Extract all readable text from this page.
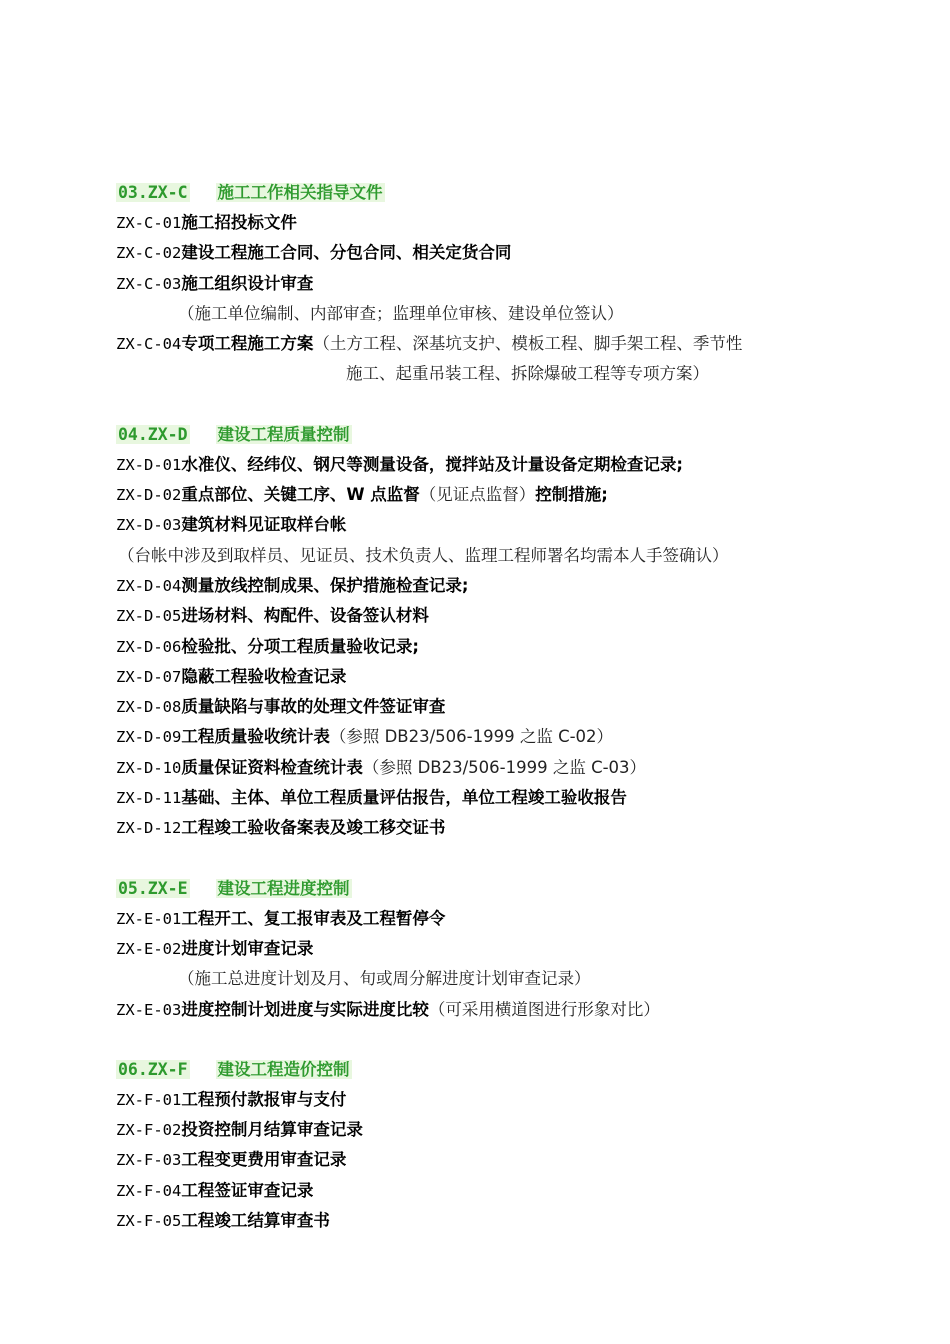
03.ZX-C 施工工作相关指导文件
ZX-C-01施工招投标文件
ZX-C-02建设工程施工合同、分包合同、相关定货合同
ZX-C-03施工组织设计审查
（施工单位编制、内部审查；监理单位审核、建设单位签认）
ZX-C-04专项工程施工方案（土方工程、深基坑支护、模板工程、脚手架工程、季节性
施工、起重吊装工程、拆除爆破工程等专项方案）
04.ZX-D 建设工程质量控制
ZX-D-01水准仪、经纬仪、钢尺等测量设备，搅拌站及计量设备定期检查记录;
ZX-D-02重点部位、关键工序、W 点监督（见证点监督）控制措施;
ZX-D-03建筑材料见证取样台帐
（台帐中涉及到取样员、见证员、技术负责人、监理工程师署名均需本人手签确认）
ZX-D-04测量放线控制成果、保护措施检查记录;
ZX-D-05进场材料、构配件、设备签认材料
ZX-D-06检验批、分项工程质量验收记录;
ZX-D-07隐蔽工程验收检查记录
ZX-D-08质量缺陷与事故的处理文件签证审查
ZX-D-09工程质量验收统计表（参照 DB23/506-1999 之监 C-02）
ZX-D-10质量保证资料检查统计表（参照 DB23/506-1999 之监 C-03）
ZX-D-11基础、主体、单位工程质量评估报告，单位工程竣工验收报告
ZX-D-12工程竣工验收备案表及竣工移交证书
05.ZX-E 建设工程进度控制
ZX-E-01工程开工、复工报审表及工程暂停令
ZX-E-02进度计划审查记录
（施工总进度计划及月、旬或周分解进度计划审查记录）
ZX-E-03进度控制计划进度与实际进度比较（可采用横道图进行形象对比）
06.ZX-F 建设工程造价控制
ZX-F-01工程预付款报审与支付
ZX-F-02投资控制月结算审查记录
ZX-F-03工程变更费用审查记录
ZX-F-04工程签证审查记录
ZX-F-05工程竣工结算审查书
